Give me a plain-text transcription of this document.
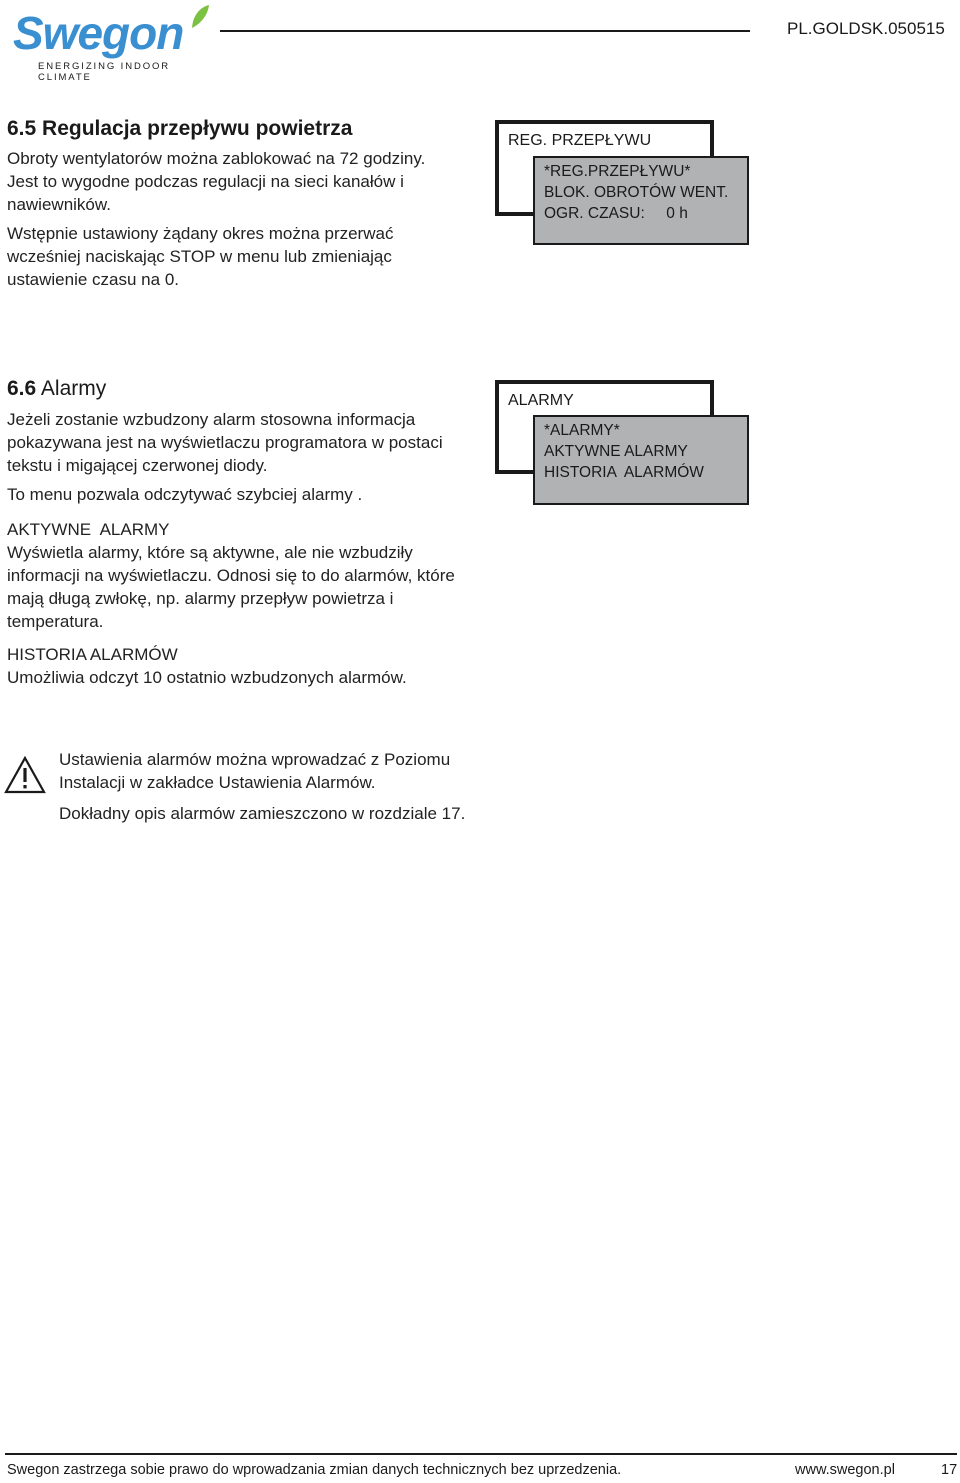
Swegon
ENERGIZING INDOOR CLIMATE
PL.GOLDSK.050515
6.5 Regulacja przepływu powietrza
Obroty wentylatorów można zablokować na 72 godziny. Jest to wygodne podczas regulacji na sieci kanałów i nawiewników.
Wstępnie ustawiony żądany okres można przerwać wcześniej naciskając STOP w menu lub zmieniając ustawienie czasu na 0.
REG. PRZEPŁYWU
*REG.PRZEPŁYWU*
BLOK. OBROTÓW WENT.
OGR. CZASU:     0 h
6.6 Alarmy
Jeżeli zostanie wzbudzony alarm stosowna informacja pokazywana jest na wyświetlaczu programatora w postaci tekstu i migającej czerwonej diody.
To menu pozwala odczytywać szybciej alarmy .
AKTYWNE  ALARMY
Wyświetla alarmy, które są aktywne, ale nie wzbudziły informacji na wyświetlaczu. Odnosi się to do alarmów, które mają długą zwłokę, np. alarmy przepływ powietrza i temperatura.
HISTORIA ALARMÓW
Umożliwia odczyt 10 ostatnio wzbudzonych alarmów.
ALARMY
*ALARMY*
AKTYWNE ALARMY
HISTORIA  ALARMÓW
Ustawienia alarmów można wprowadzać z Poziomu Instalacji w zakładce Ustawienia Alarmów.
Dokładny opis alarmów zamieszczono w rozdziale 17.
Swegon zastrzega sobie prawo do wprowadzania zmian danych technicznych bez uprzedzenia.	www.swegon.pl	17
